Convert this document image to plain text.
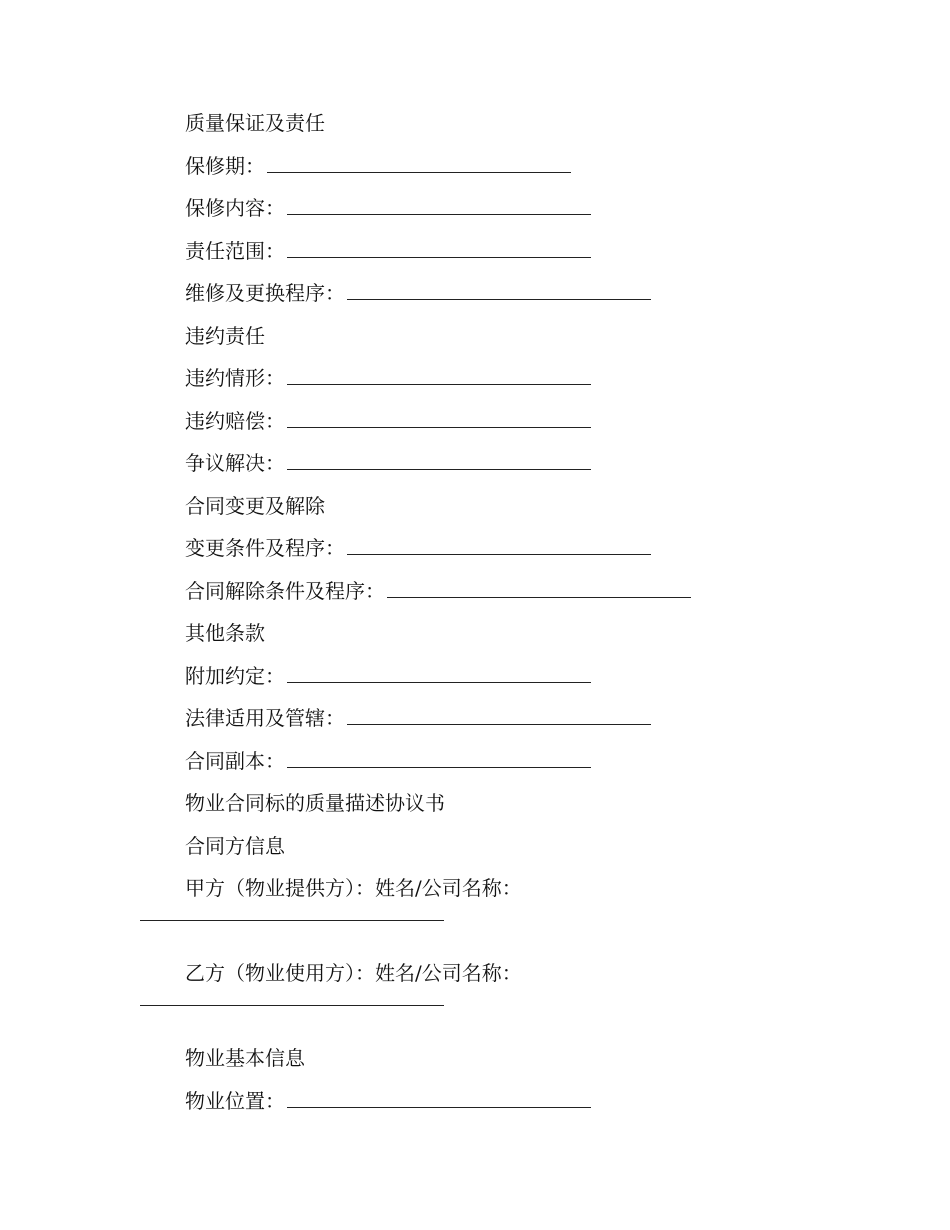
质量保证及责任
保修期：
保修内容：
责任范围：
维修及更换程序：
违约责任
违约情形：
违约赔偿：
争议解决：
合同变更及解除
变更条件及程序：
合同解除条件及程序：
其他条款
附加约定：
法律适用及管辖：
合同副本：
物业合同标的质量描述协议书
合同方信息
甲方（物业提供方）：姓名/公司名称：
乙方（物业使用方）：姓名/公司名称：
物业基本信息
物业位置：
